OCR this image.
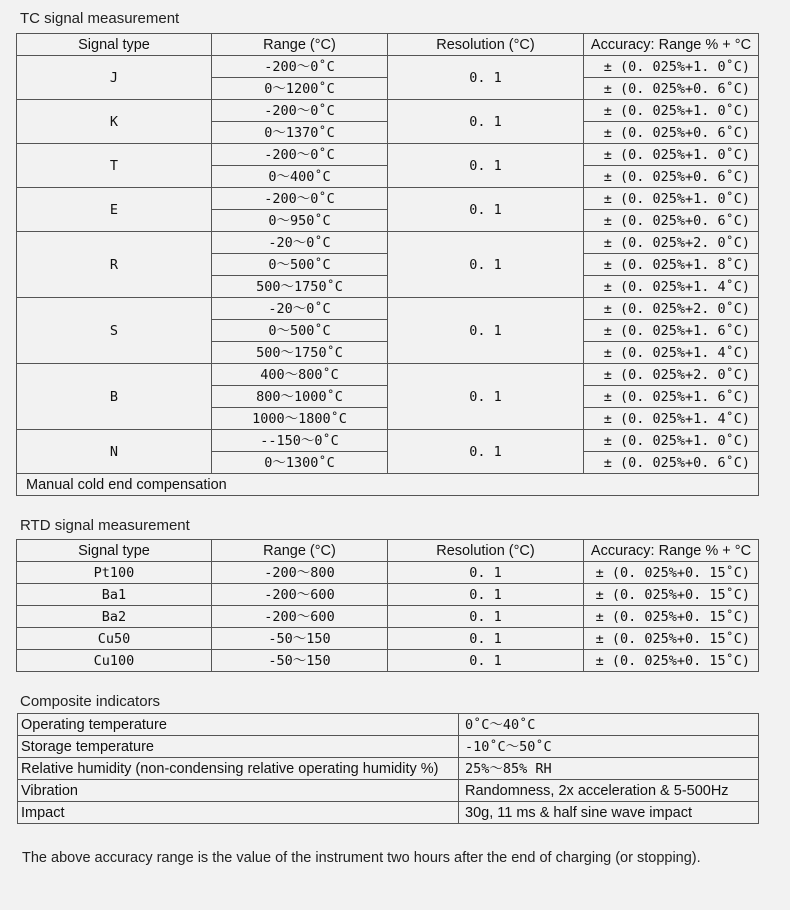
TC signal measurement
Signal type	Range (°C)	Resolution (°C)	Accuracy: Range % + °C
J	-200～0˚C	0. 1	± (0. 025%+1. 0˚C)
	0～1200˚C		± (0. 025%+0. 6˚C)
K	-200～0˚C	0. 1	± (0. 025%+1. 0˚C)
	0～1370˚C		± (0. 025%+0. 6˚C)
T	-200～0˚C	0. 1	± (0. 025%+1. 0˚C)
	0～400˚C		± (0. 025%+0. 6˚C)
E	-200～0˚C	0. 1	± (0. 025%+1. 0˚C)
	0～950˚C		± (0. 025%+0. 6˚C)
R	-20～0˚C	0. 1	± (0. 025%+2. 0˚C)
	0～500˚C		± (0. 025%+1. 8˚C)
	500～1750˚C		± (0. 025%+1. 4˚C)
S	-20～0˚C	0. 1	± (0. 025%+2. 0˚C)
	0～500˚C		± (0. 025%+1. 6˚C)
	500～1750˚C		± (0. 025%+1. 4˚C)
B	400～800˚C	0. 1	± (0. 025%+2. 0˚C)
	800～1000˚C		± (0. 025%+1. 6˚C)
	1000～1800˚C		± (0. 025%+1. 4˚C)
N	--150～0˚C	0. 1	± (0. 025%+1. 0˚C)
	0～1300˚C		± (0. 025%+0. 6˚C)
Manual cold end compensation			
RTD signal measurement
Signal type	Range (°C)	Resolution (°C)	Accuracy: Range % + °C
Pt100	-200～800	0. 1	± (0. 025%+0. 15˚C)
Ba1	-200～600	0. 1	± (0. 025%+0. 15˚C)
Ba2	-200～600	0. 1	± (0. 025%+0. 15˚C)
Cu50	-50～150	0. 1	± (0. 025%+0. 15˚C)
Cu100	-50～150	0. 1	± (0. 025%+0. 15˚C)
Composite indicators
Operating temperature	0˚C～40˚C
Storage temperature	-10˚C～50˚C
Relative humidity (non-condensing relative operating humidity %)	25%～85% RH
Vibration	Randomness, 2x acceleration & 5-500Hz
Impact	30g, 11 ms & half sine wave impact
The above accuracy range is the value of the instrument two hours after the end of charging (or stopping).
